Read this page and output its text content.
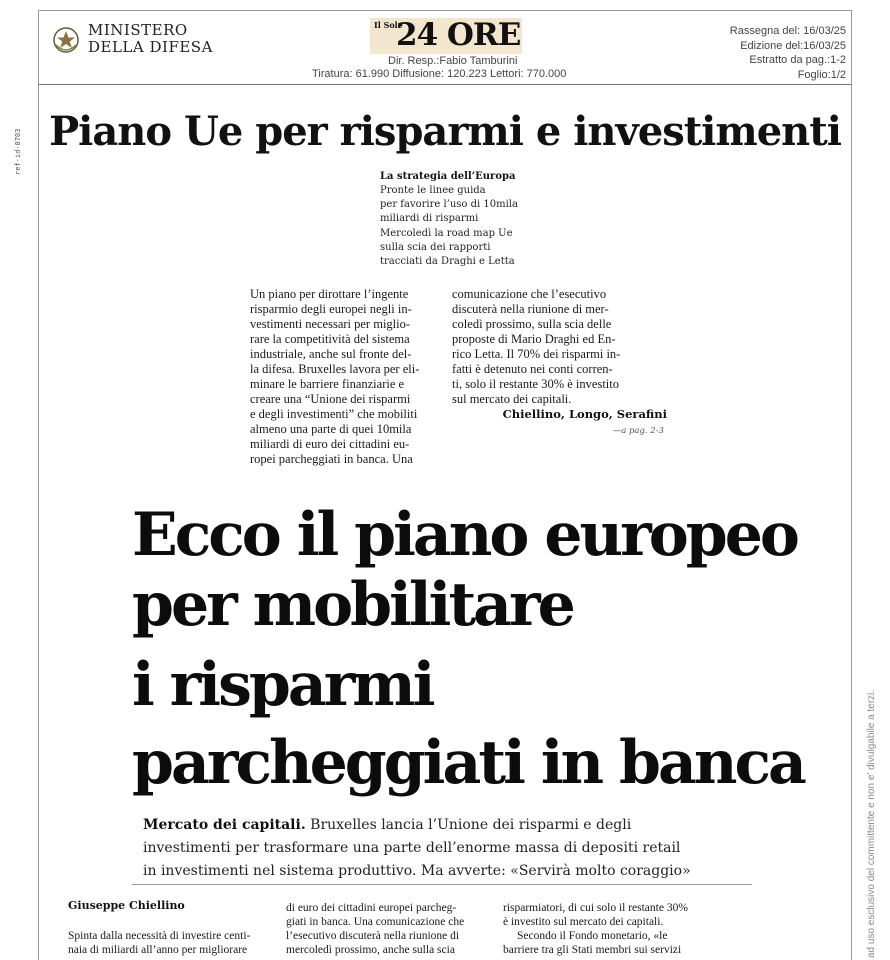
MINISTERO
DELLA DIFESA
Il Sole
24 ORE
Dir. Resp.:Fabio Tamburini
Tiratura: 61.990 Diffusione: 120.223 Lettori: 770.000
Rassegna del: 16/03/25
Edizione del:16/03/25
Estratto da pag.:1-2
Foglio:1/2
ref-id-0703
ad uso esclusivo del committente e non e' divulgabile a terzi.
Piano Ue per risparmi e investimenti
La strategia dell’Europa
Pronte le linee guida
per favorire l’uso di 10mila
miliardi di risparmi
Mercoledì la road map Ue
sulla scia dei rapporti
tracciati da Draghi e Letta
Un piano per dirottare l’ingente
risparmio degli europei negli in-
vestimenti necessari per miglio-
rare la competitività del sistema
industriale, anche sul fronte del-
la difesa. Bruxelles lavora per eli-
minare le barriere finanziarie e
creare una “Unione dei risparmi
e degli investimenti” che mobiliti
almeno una parte di quei 10mila
miliardi di euro dei cittadini eu-
ropei parcheggiati in banca. Una
comunicazione che l’esecutivo
discuterà nella riunione di mer-
coledì prossimo, sulla scia delle
proposte di Mario Draghi ed En-
rico Letta. Il 70% dei risparmi in-
fatti è detenuto nei conti corren-
ti, solo il restante 30% è investito
sul mercato dei capitali.
Chiellino, Longo, Serafini
—a pag. 2-3
Ecco il piano europeo
per mobilitare
i risparmi
parcheggiati in banca
Mercato dei capitali. Bruxelles lancia l’Unione dei risparmi e degli
investimenti per trasformare una parte dell’enorme massa di depositi retail
in investimenti nel sistema produttivo. Ma avverte: «Servirà molto coraggio»
Giuseppe Chiellino
Spinta dalla necessità di investire centi-
naia di miliardi all’anno per migliorare
di euro dei cittadini europei parcheg-
giati in banca. Una comunicazione che
l’esecutivo discuterà nella riunione di
mercoledì prossimo, anche sulla scia
risparmiatori, di cui solo il restante 30%
è investito sul mercato dei capitali.
Secondo il Fondo monetario, «le
barriere tra gli Stati membri sui servizi
